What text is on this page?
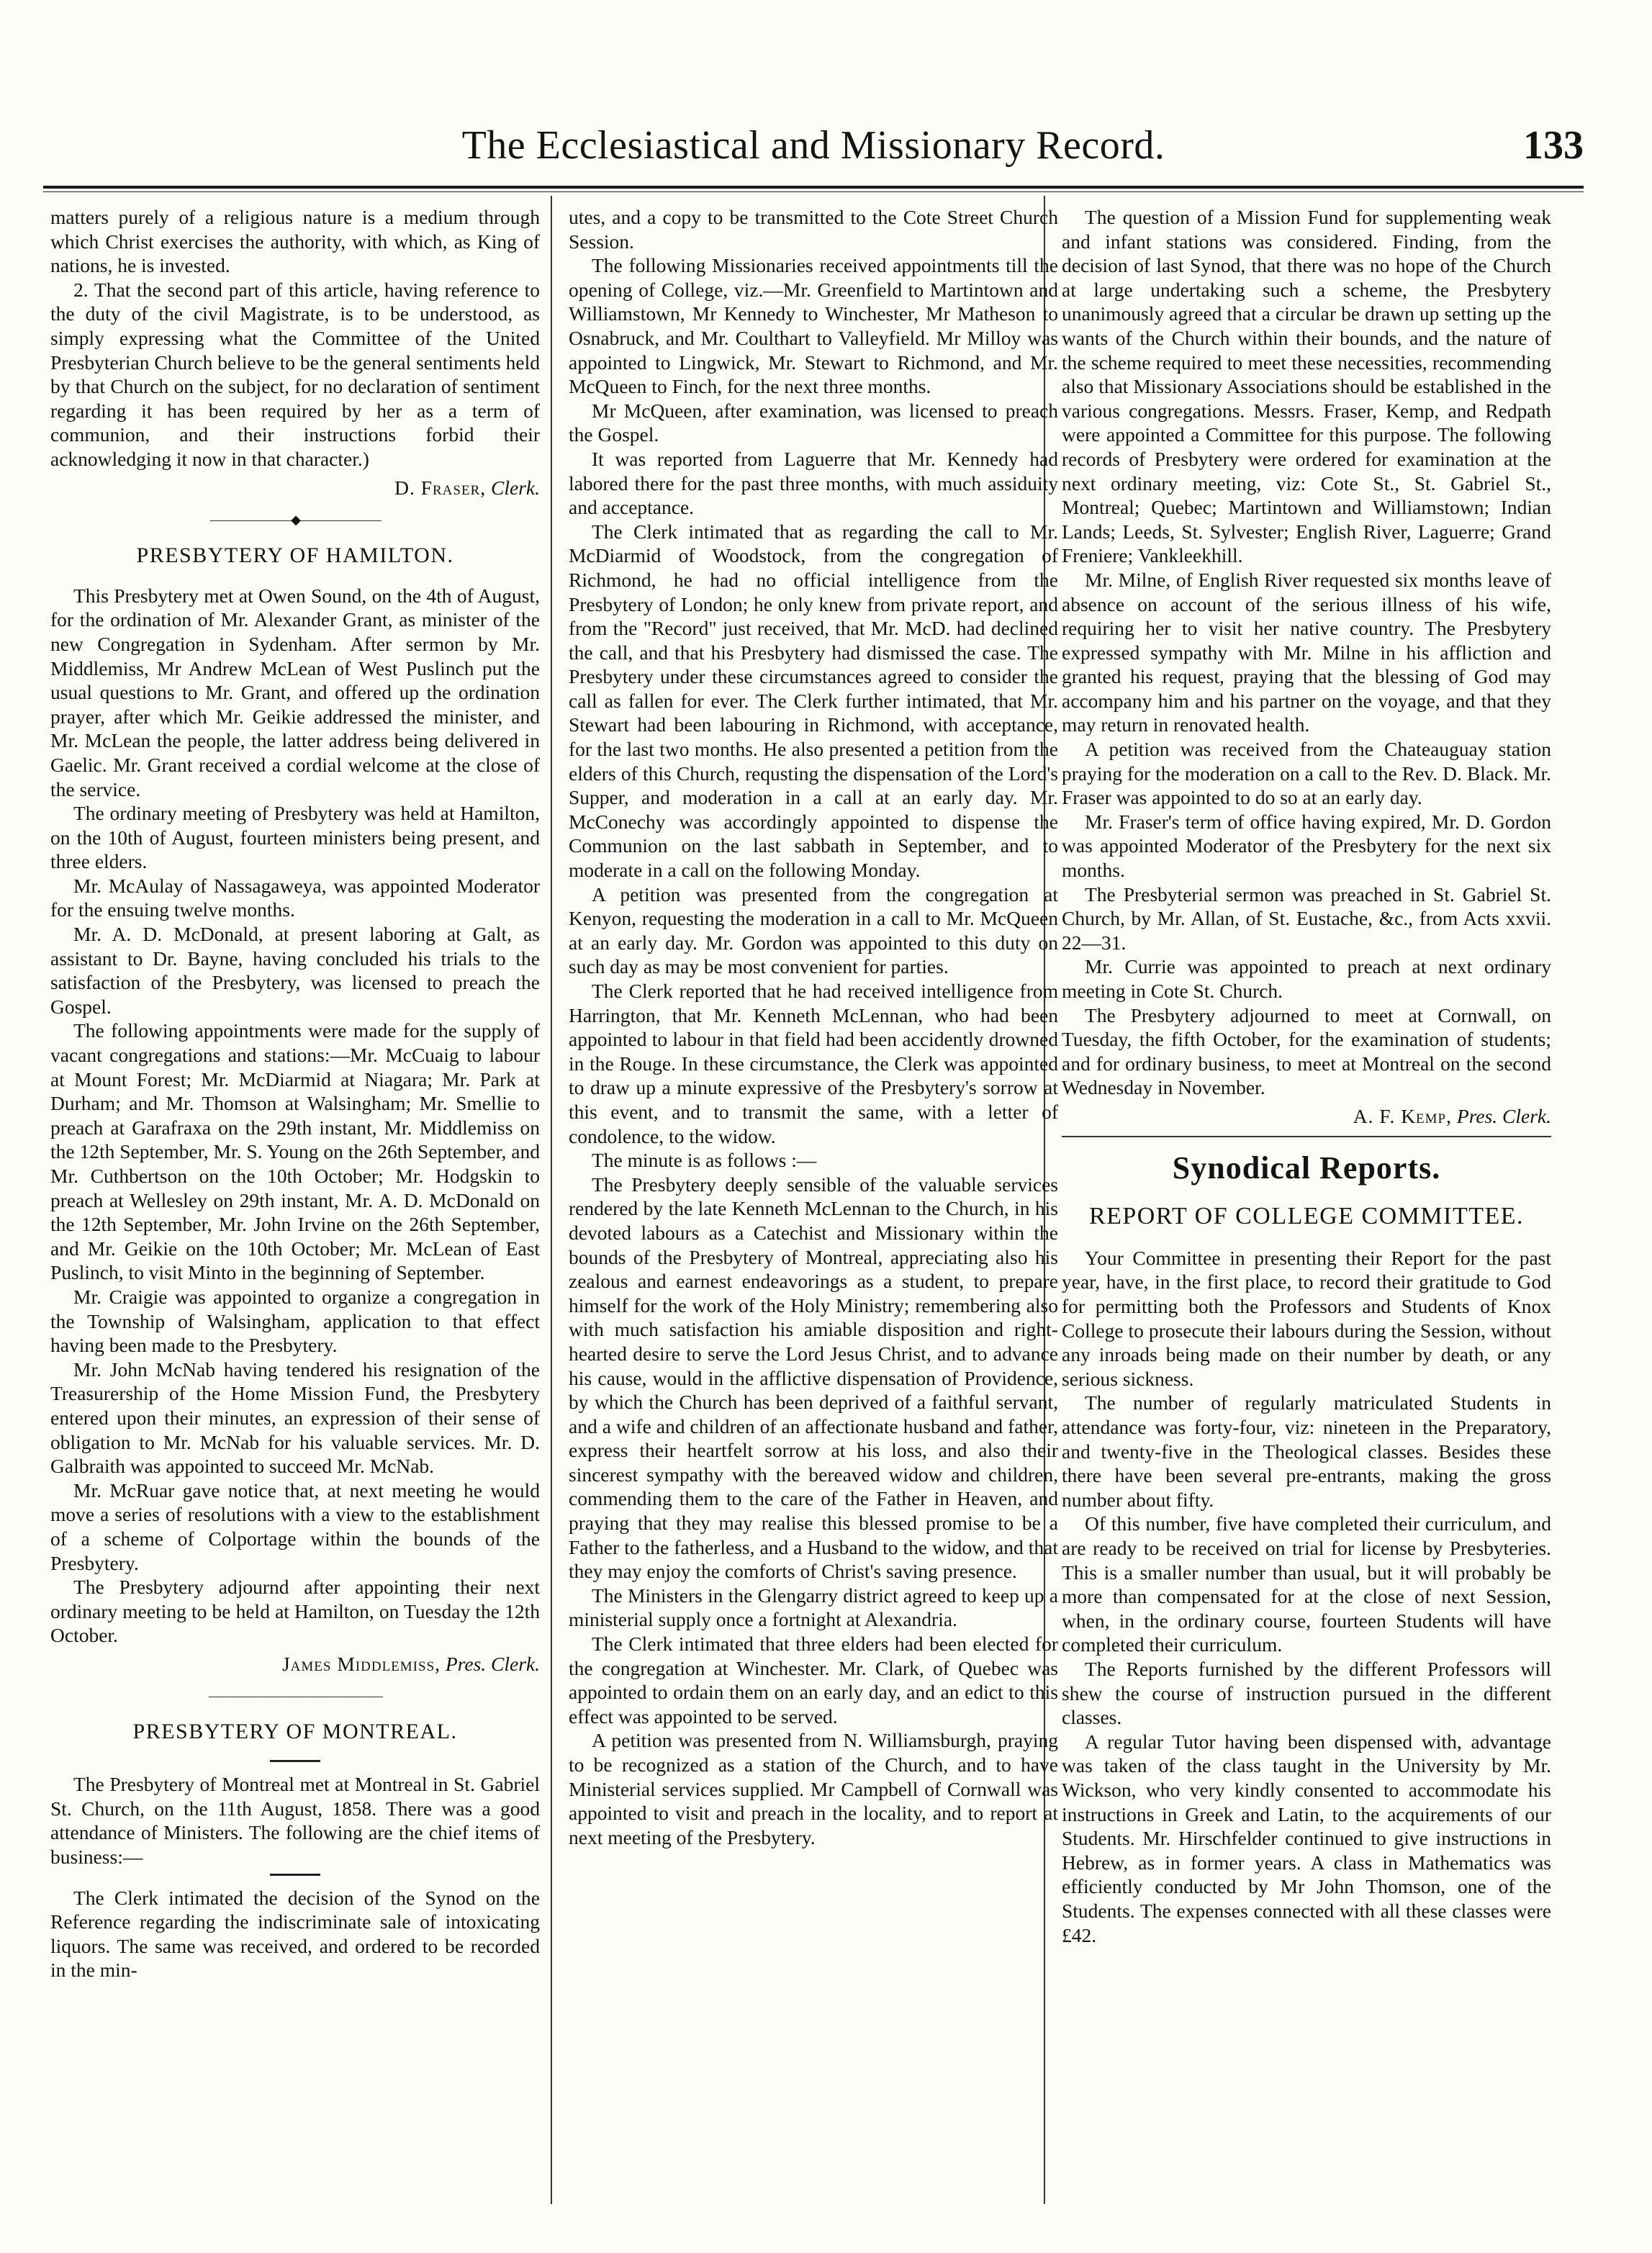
The Ecclesiastical and Missionary Record.	133

matters purely of a religious nature is a medium through which Christ exercises the authority, with which, as King of nations, he is invested.

2. That the second part of this article, having reference to the duty of the civil Magistrate, is to be understood, as simply expressing what the Committee of the United Presbyterian Church believe to be the general sentiments held by that Church on the subject, for no declaration of sentiment regarding it has been required by her as a term of communion, and their instructions forbid their acknowledging it now in that character.)

D. Fraser, Clerk.
———————◆———————
PRESBYTERY OF HAMILTON.

This Presbytery met at Owen Sound, on the 4th of August, for the ordination of Mr. Alexander Grant, as minister of the new Congregation in Sydenham. After sermon by Mr. Middlemiss, Mr Andrew McLean of West Puslinch put the usual questions to Mr. Grant, and offered up the ordination prayer, after which Mr. Geikie addressed the minister, and Mr. McLean the people, the latter address being delivered in Gaelic. Mr. Grant received a cordial welcome at the close of the service.

The ordinary meeting of Presbytery was held at Hamilton, on the 10th of August, fourteen ministers being present, and three elders.

Mr. McAulay of Nassagaweya, was appointed Moderator for the ensuing twelve months.

Mr. A. D. McDonald, at present laboring at Galt, as assistant to Dr. Bayne, having concluded his trials to the satisfaction of the Presbytery, was licensed to preach the Gospel.

The following appointments were made for the supply of vacant congregations and stations:—Mr. McCuaig to labour at Mount Forest; Mr. McDiarmid at Niagara; Mr. Park at Durham; and Mr. Thomson at Walsingham; Mr. Smellie to preach at Garafraxa on the 29th instant, Mr. Middlemiss on the 12th September, Mr. S. Young on the 26th September, and Mr. Cuthbertson on the 10th October; Mr. Hodgskin to preach at Wellesley on 29th instant, Mr. A. D. McDonald on the 12th September, Mr. John Irvine on the 26th September, and Mr. Geikie on the 10th October; Mr. McLean of East Puslinch, to visit Minto in the beginning of September.

Mr. Craigie was appointed to organize a congregation in the Township of Walsingham, application to that effect having been made to the Presbytery.

Mr. John McNab having tendered his resignation of the Treasurership of the Home Mission Fund, the Presbytery entered upon their minutes, an expression of their sense of obligation to Mr. McNab for his valuable services. Mr. D. Galbraith was appointed to succeed Mr. McNab.

Mr. McRuar gave notice that, at next meeting he would move a series of resolutions with a view to the establishment of a scheme of Colportage within the bounds of the Presbytery.

The Presbytery adjournd after appointing their next ordinary meeting to be held at Hamilton, on Tuesday the 12th October.

James Middlemiss, Pres. Clerk.
———————————————
PRESBYTERY OF MONTREAL.

The Presbytery of Montreal met at Montreal in St. Gabriel St. Church, on the 11th August, 1858. There was a good attendance of Ministers. The following are the chief items of business:—

The Clerk intimated the decision of the Synod on the Reference regarding the indiscriminate sale of intoxicating liquors. The same was received, and ordered to be recorded in the min-

utes, and a copy to be transmitted to the Cote Street Church Session.

The following Missionaries received appointments till the opening of College, viz.—Mr. Greenfield to Martintown and Williamstown, Mr Kennedy to Winchester, Mr Matheson to Osnabruck, and Mr. Coulthart to Valleyfield. Mr Milloy was appointed to Lingwick, Mr. Stewart to Richmond, and Mr. McQueen to Finch, for the next three months.

Mr McQueen, after examination, was licensed to preach the Gospel.

It was reported from Laguerre that Mr. Kennedy had labored there for the past three months, with much assiduity and acceptance.

The Clerk intimated that as regarding the call to Mr. McDiarmid of Woodstock, from the congregation of Richmond, he had no official intelligence from the Presbytery of London; he only knew from private report, and from the "Record" just received, that Mr. McD. had declined the call, and that his Presbytery had dismissed the case. The Presbytery under these circumstances agreed to consider the call as fallen for ever. The Clerk further intimated, that Mr. Stewart had been labouring in Richmond, with acceptance, for the last two months. He also presented a petition from the elders of this Church, requsting the dispensation of the Lord's Supper, and moderation in a call at an early day. Mr. McConechy was accordingly appointed to dispense the Communion on the last sabbath in September, and to moderate in a call on the following Monday.

A petition was presented from the congregation at Kenyon, requesting the moderation in a call to Mr. McQueen at an early day. Mr. Gordon was appointed to this duty on such day as may be most convenient for parties.

The Clerk reported that he had received intelligence from Harrington, that Mr. Kenneth McLennan, who had been appointed to labour in that field had been accidently drowned in the Rouge. In these circumstance, the Clerk was appointed to draw up a minute expressive of the Presbytery's sorrow at this event, and to transmit the same, with a letter of condolence, to the widow.

The minute is as follows :—

The Presbytery deeply sensible of the valuable services rendered by the late Kenneth McLennan to the Church, in his devoted labours as a Catechist and Missionary within the bounds of the Presbytery of Montreal, appreciating also his zealous and earnest endeavorings as a student, to prepare himself for the work of the Holy Ministry; remembering also with much satisfaction his amiable disposition and right-hearted desire to serve the Lord Jesus Christ, and to advance his cause, would in the afflictive dispensation of Providence, by which the Church has been deprived of a faithful servant, and a wife and children of an affectionate husband and father, express their heartfelt sorrow at his loss, and also their sincerest sympathy with the bereaved widow and children, commending them to the care of the Father in Heaven, and praying that they may realise this blessed promise to be a Father to the fatherless, and a Husband to the widow, and that they may enjoy the comforts of Christ's saving presence.

The Ministers in the Glengarry district agreed to keep up a ministerial supply once a fortnight at Alexandria.

The Clerk intimated that three elders had been elected for the congregation at Winchester. Mr. Clark, of Quebec was appointed to ordain them on an early day, and an edict to this effect was appointed to be served.

A petition was presented from N. Williamsburgh, praying to be recognized as a station of the Church, and to have Ministerial services supplied. Mr Campbell of Cornwall was appointed to visit and preach in the locality, and to report at next meeting of the Presbytery.

The question of a Mission Fund for supplementing weak and infant stations was considered. Finding, from the decision of last Synod, that there was no hope of the Church at large undertaking such a scheme, the Presbytery unanimously agreed that a circular be drawn up setting up the wants of the Church within their bounds, and the nature of the scheme required to meet these necessities, recommending also that Missionary Associations should be established in the various congregations. Messrs. Fraser, Kemp, and Redpath were appointed a Committee for this purpose. The following records of Presbytery were ordered for examination at the next ordinary meeting, viz: Cote St., St. Gabriel St., Montreal; Quebec; Martintown and Williamstown; Indian Lands; Leeds, St. Sylvester; English River, Laguerre; Grand Freniere; Vankleekhill.

Mr. Milne, of English River requested six months leave of absence on account of the serious illness of his wife, requiring her to visit her native country. The Presbytery expressed sympathy with Mr. Milne in his affliction and granted his request, praying that the blessing of God may accompany him and his partner on the voyage, and that they may return in renovated health.

A petition was received from the Chateauguay station praying for the moderation on a call to the Rev. D. Black. Mr. Fraser was appointed to do so at an early day.

Mr. Fraser's term of office having expired, Mr. D. Gordon was appointed Moderator of the Presbytery for the next six months.

The Presbyterial sermon was preached in St. Gabriel St. Church, by Mr. Allan, of St. Eustache, &c., from Acts xxvii. 22—31.

Mr. Currie was appointed to preach at next ordinary meeting in Cote St. Church.

The Presbytery adjourned to meet at Cornwall, on Tuesday, the fifth October, for the examination of students; and for ordinary business, to meet at Montreal on the second Wednesday in November.

A. F. Kemp, Pres. Clerk.
Synodical Reports.
REPORT OF COLLEGE COMMITTEE.

Your Committee in presenting their Report for the past year, have, in the first place, to record their gratitude to God for permitting both the Professors and Students of Knox College to prosecute their labours during the Session, without any inroads being made on their number by death, or any serious sickness.

The number of regularly matriculated Students in attendance was forty-four, viz: nineteen in the Preparatory, and twenty-five in the Theological classes. Besides these there have been several pre-entrants, making the gross number about fifty.

Of this number, five have completed their curriculum, and are ready to be received on trial for license by Presbyteries. This is a smaller number than usual, but it will probably be more than compensated for at the close of next Session, when, in the ordinary course, fourteen Students will have completed their curriculum.

The Reports furnished by the different Professors will shew the course of instruction pursued in the different classes.

A regular Tutor having been dispensed with, advantage was taken of the class taught in the University by Mr. Wickson, who very kindly consented to accommodate his instructions in Greek and Latin, to the acquirements of our Students. Mr. Hirschfelder continued to give instructions in Hebrew, as in former years. A class in Mathematics was efficiently conducted by Mr John Thomson, one of the Students. The expenses connected with all these classes were £42.
